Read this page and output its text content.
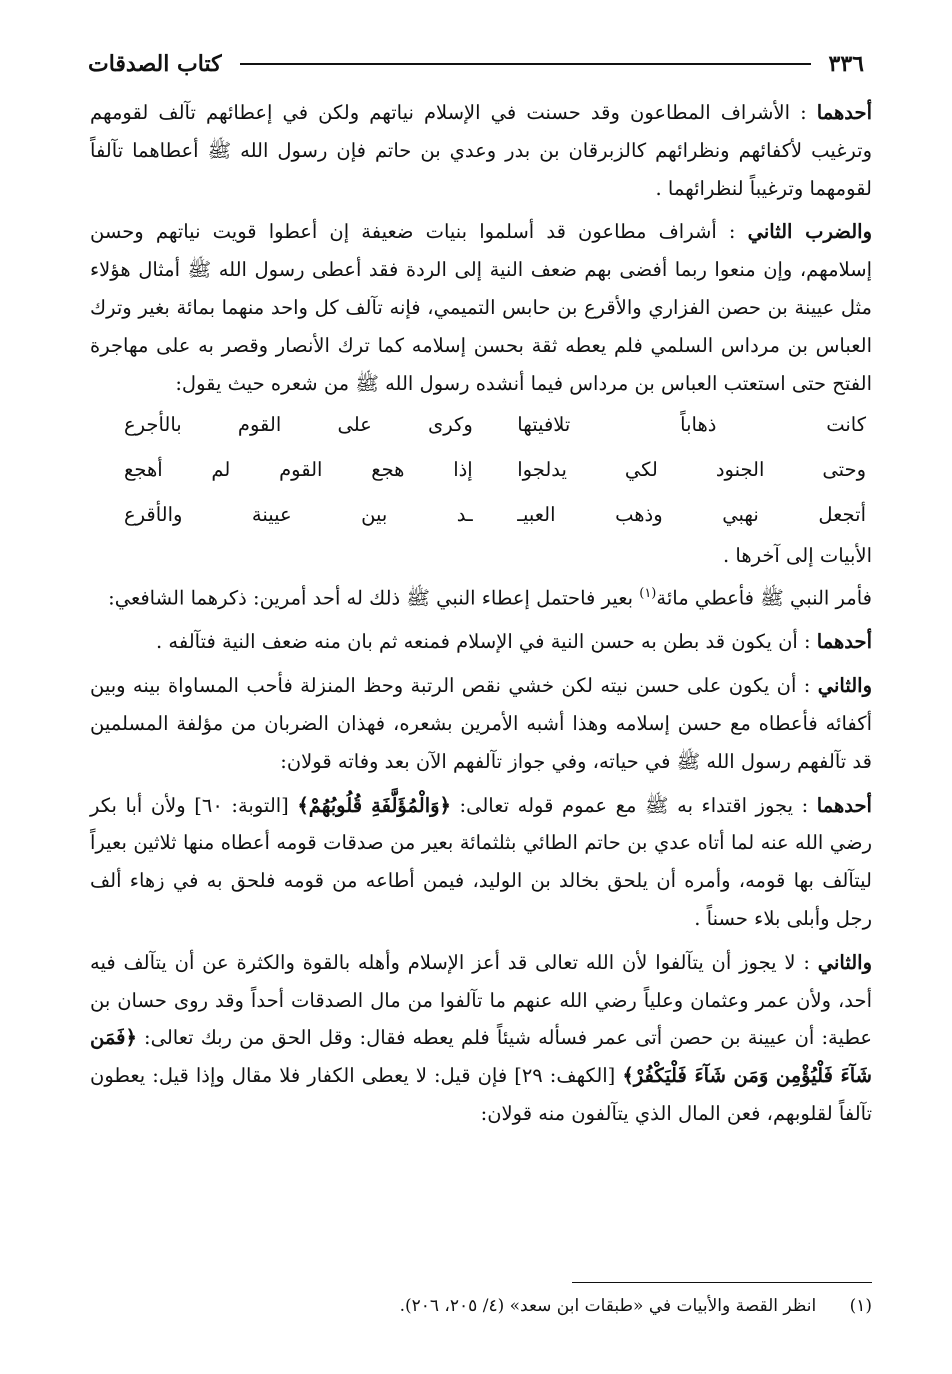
٣٣٦
كتاب الصدقات

أحدهما : الأشراف المطاعون وقد حسنت في الإسلام نياتهم ولكن في إعطائهم تآلف لقومهم وترغيب لأكفائهم ونظرائهم كالزبرقان بن بدر وعدي بن حاتم فإن رسول الله ﷺ أعطاهما تآلفاً لقومهما وترغيباً لنظرائهما .

والضرب الثاني : أشراف مطاعون قد أسلموا بنيات ضعيفة إن أعطوا قويت نياتهم وحسن إسلامهم، وإن منعوا ربما أفضى بهم ضعف النية إلى الردة فقد أعطى رسول الله ﷺ أمثال هؤلاء مثل عيينة بن حصن الفزاري والأقرع بن حابس التميمي، فإنه تآلف كل واحد منهما بمائة بغير وترك العباس بن مرداس السلمي فلم يعطه ثقة بحسن إسلامه كما ترك الأنصار وقصر به على مهاجرة الفتح حتى استعتب العباس بن مرداس فيما أنشده رسول الله ﷺ من شعره حيث يقول:

كانت ذهاباً تلافيتها
وكرى على القوم بالأجرع
وحتى الجنود لكي يدلجوا
إذا هجع القوم لم أهجع
أتجعل نهبي وذهب العبيـ
ـد بين عيينة والأقرع

الأبيات إلى آخرها .

فأمر النبي ﷺ فأعطي مائة$^{(١)}$ بعير فاحتمل إعطاء النبي ﷺ ذلك له أحد أمرين: ذكرهما الشافعي:

أحدهما : أن يكون قد بطن به حسن النية في الإسلام فمنعه ثم بان منه ضعف النية فتآلفه .

والثاني : أن يكون على حسن نيته لكن خشي نقص الرتبة وحظ المنزلة فأحب المساواة بينه وبين أكفائه فأعطاه مع حسن إسلامه وهذا أشبه الأمرين بشعره، فهذان الضربان من مؤلفة المسلمين قد تآلفهم رسول الله ﷺ في حياته، وفي جواز تآلفهم الآن بعد وفاته قولان:

أحدهما : يجوز اقتداء به ﷺ مع عموم قوله تعالى: ﴿وَالْمُؤَلَّفَةِ قُلُوبُهُمْ﴾ [التوبة: ٦٠] ولأن أبا بكر رضي الله عنه لما أتاه عدي بن حاتم الطائي بثلثمائة بعير من صدقات قومه أعطاه منها ثلاثين بعيراً ليتآلف بها قومه، وأمره أن يلحق بخالد بن الوليد، فيمن أطاعه من قومه فلحق به في زهاء ألف رجل وأبلى بلاء حسناً .

والثاني : لا يجوز أن يتآلفوا لأن الله تعالى قد أعز الإسلام وأهله بالقوة والكثرة عن أن يتآلف فيه أحد، ولأن عمر وعثمان وعلياً رضي الله عنهم ما تآلفوا من مال الصدقات أحداً وقد روى حسان بن عطية: أن عيينة بن حصن أتى عمر فسأله شيئاً فلم يعطه فقال: وقل الحق من ربك تعالى: ﴿فَمَن شَآءَ فَلْيُؤْمِن وَمَن شَآءَ فَلْيَكْفُرْ﴾ [الكهف: ٢٩] فإن قيل: لا يعطى الكفار فلا مقال وإذا قيل: يعطون تآلفاً لقلوبهم، فعن المال الذي يتآلفون منه قولان:

(١) انظر القصة والأبيات في «طبقات ابن سعد» (٤/ ٢٠٥، ٢٠٦).
